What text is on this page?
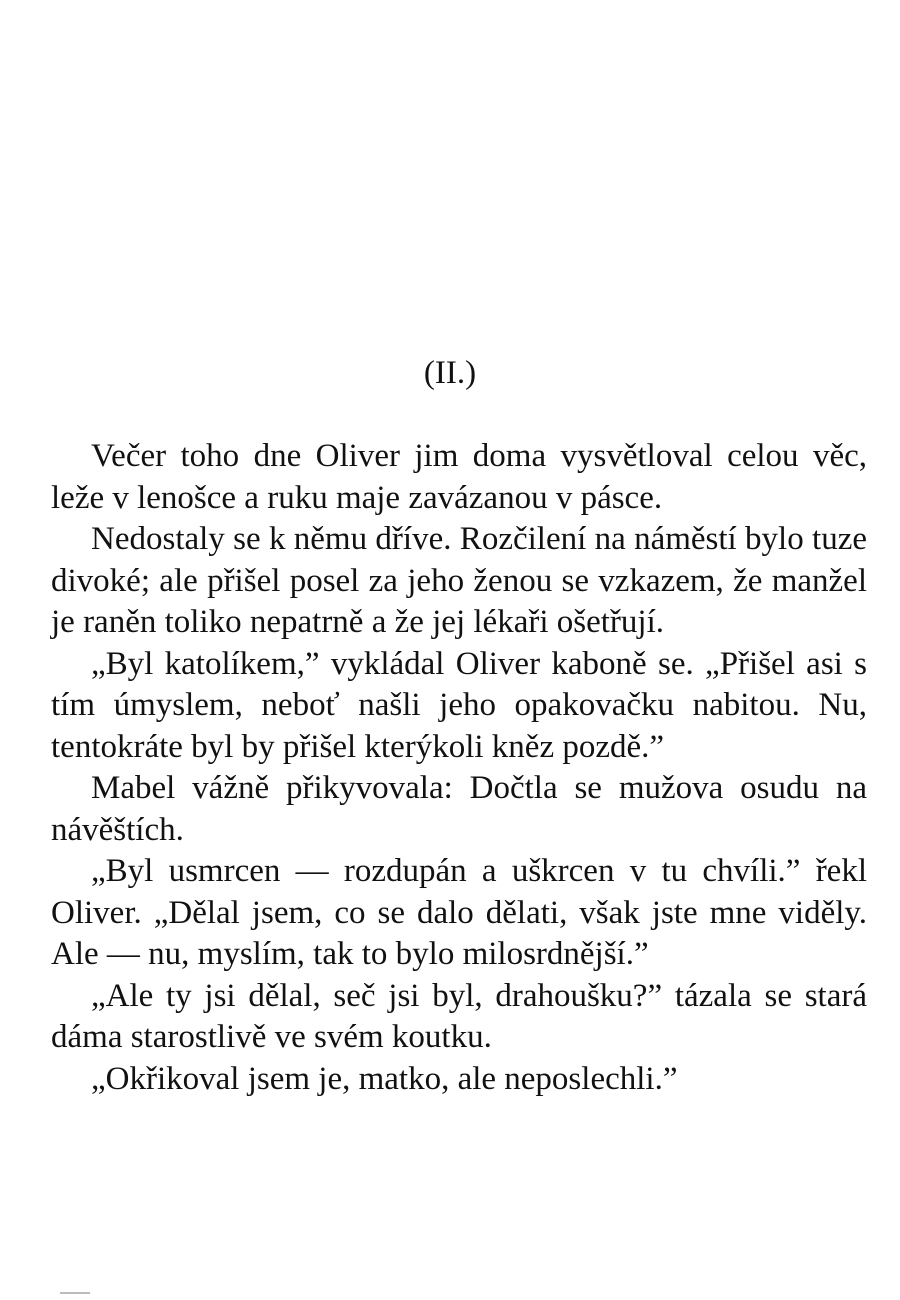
(II.)

Večer toho dne Oliver jim doma vysvětloval celou věc, leže v lenošce a ruku maje zavázanou v pásce.

Nedostaly se k němu dříve. Rozčilení na náměstí bylo tuze divoké; ale přišel posel za jeho ženou se vzkazem, že manžel je raněn toliko nepatrně a že jej lékaři ošetřují.

„Byl katolíkem,” vykládal Oliver kaboně se. „Přišel asi s tím úmyslem, neboť našli jeho opakovačku nabitou. Nu, tentokráte byl by přišel kterýkoli kněz pozdě.”

Mabel vážně přikyvovala: Dočtla se mužova osudu na návěštích.

„Byl usmrcen — rozdupán a uškrcen v tu chvíli.” řekl Oliver. „Dělal jsem, co se dalo dělati, však jste mne viděly. Ale — nu, myslím, tak to bylo milosrdnější.”

„Ale ty jsi dělal, seč jsi byl, drahoušku?” tázala se stará dáma starostlivě ve svém koutku.

„Okřikoval jsem je, matko, ale neposlechli.”
